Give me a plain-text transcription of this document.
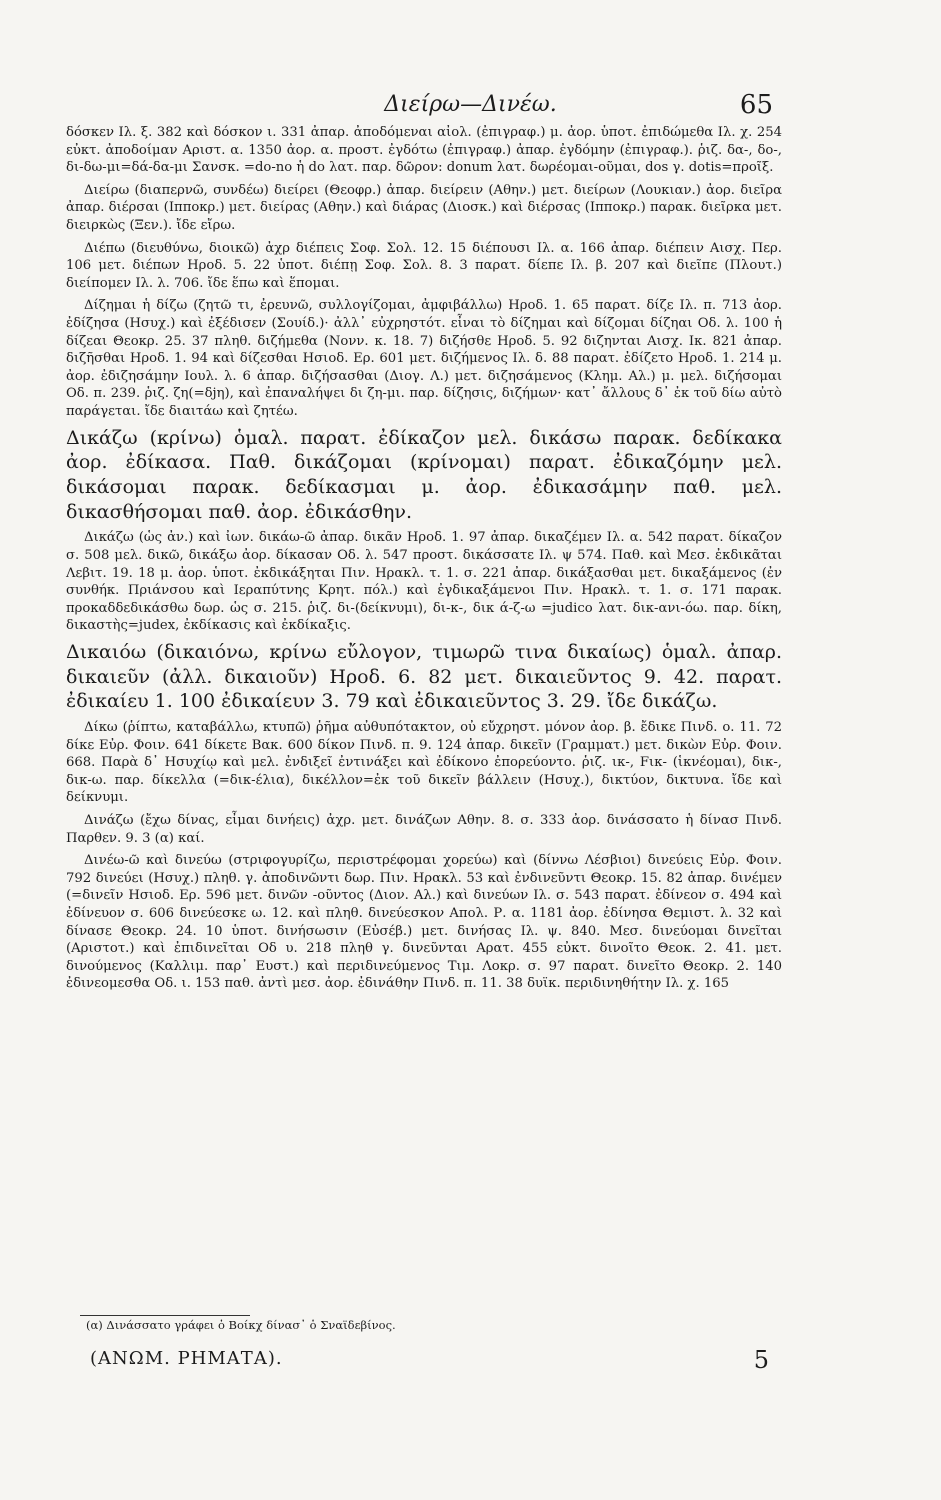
Διείρω—Δινέω.	65

δόσκεν Ιλ. ξ. 382 καὶ δόσκον ι. 331 ἀπαρ. ἀποδόμεναι αἰολ. (ἐπιγραφ.) μ. ἀορ. ὑποτ. ἐπιδώμεθα Ιλ. χ. 254 εὐκτ. ἀποδοίμαν Αριστ. α. 1350 ἀορ. α. προστ. ἐγδότω (ἐπιγραφ.) ἀπαρ. ἐγδόμην (ἐπιγραφ.). ῥιζ. δα-, δο-, δι-δω-μι=δά-δα-μι Σανσκ. =do-no ἡ do λατ. παρ. δῶρον: donum λατ. δωρέομαι-οῦμαι, dos γ. dotis=προῖξ.

Διείρω (διαπερνῶ, συνδέω) διείρει (Θεοφρ.) ἀπαρ. διείρειν (Αθην.) μετ. διείρων (Λουκιαν.) ἀορ. διεῖρα ἀπαρ. διέρσαι (Ιπποκρ.) μετ. διείρας (Αθην.) καὶ διάρας (Διοσκ.) καὶ διέρσας (Ιπποκρ.) παρακ. διεῖρκα μετ. διειρκὼς (Ξεν.). ἴδε εἴρω.

Διέπω (διευθύνω, διοικῶ) ἀχρ διέπεις Σοφ. Σολ. 12. 15 διέπουσι Ιλ. α. 166 ἀπαρ. διέπειν Αισχ. Περ. 106 μετ. διέπων Ηροδ. 5. 22 ὑποτ. διέπῃ Σοφ. Σολ. 8. 3 παρατ. δίεπε Ιλ. β. 207 καὶ διεῖπε (Πλουτ.) διείπομεν Ιλ. λ. 706. ἴδε ἕπω καὶ ἕπομαι.

Δίζημαι ἡ δίζω (ζητῶ τι, ἐρευνῶ, συλλογίζομαι, ἀμφιβάλλω) Ηροδ. 1. 65 παρατ. δίζε Ιλ. π. 713 ἀορ. ἐδίζησα (Ησυχ.) καὶ ἐξέδισεν (Σουίδ.)· ἀλλ᾽ εὐχρηστότ. εἶναι τὸ δίζημαι καὶ δίζομαι δίζηαι Οδ. λ. 100 ἡ δίζεαι Θεοκρ. 25. 37 πληθ. διζήμεθα (Νονν. κ. 18. 7) διζήσθε Ηροδ. 5. 92 διζηνται Αισχ. Ικ. 821 ἀπαρ. διζῆσθαι Ηροδ. 1. 94 καὶ δίζεσθαι Ησιοδ. Ερ. 601 μετ. διζήμενος Ιλ. δ. 88 παρατ. ἐδίζετο Ηροδ. 1. 214 μ. ἀορ. ἐδιζησάμην Ιουλ. λ. 6 ἀπαρ. διζήσασθαι (Διογ. Λ.) μετ. διζησάμενος (Κλημ. Αλ.) μ. μελ. διζήσομαι Οδ. π. 239. ῥιζ. ζη(=δjη), καὶ ἐπαναλήψει δι ζη-μι. παρ. δίζησις, διζήμων· κατ᾽ ἄλλους δ᾽ ἐκ τοῦ δίω αὐτὸ παράγεται. ἴδε διαιτάω καὶ ζητέω.

Δικάζω (κρίνω) ὁμαλ. παρατ. ἐδίκαζον μελ. δικάσω παρακ. δεδίκακα ἀορ. ἐδίκασα. Παθ. δικάζομαι (κρίνομαι) παρατ. ἐδικαζόμην μελ. δικάσομαι παρακ. δεδίκασμαι μ. ἀορ. ἐδικασάμην παθ. μελ. δικασθήσομαι παθ. ἀορ. ἐδικάσθην.

Δικάζω (ὡς ἀν.) καὶ ἰων. δικάω-ῶ ἀπαρ. δικᾶν Ηροδ. 1. 97 ἀπαρ. δικαζέμεν Ιλ. α. 542 παρατ. δίκαζον σ. 508 μελ. δικῶ, δικάξω ἀορ. δίκασαν Οδ. λ. 547 προστ. δικάσσατε Ιλ. ψ 574. Παθ. καὶ Μεσ. ἐκδικᾶται Λεβιτ. 19. 18 μ. ἀορ. ὑποτ. ἐκδικάξηται Πιν. Ηρακλ. τ. 1. σ. 221 ἀπαρ. δικάξασθαι μετ. δικαξάμενος (ἐν συνθήκ. Πριάνσου καὶ Ιεραπύτνης Κρητ. πόλ.) καὶ ἐγδικαξάμενοι Πιν. Ηρακλ. τ. 1. σ. 171 παρακ. προκαδδεδικάσθω δωρ. ὡς σ. 215. ῥιζ. δι-(δείκνυμι), δι-κ-, δικ ά-ζ-ω =judico λατ. δικ-ανι-όω. παρ. δίκη, δικαστὴς=judex, ἐκδίκασις καὶ ἐκδίκαξις.

Δικαιόω (δικαιόνω, κρίνω εὔλογον, τιμωρῶ τινα δικαίως) ὁμαλ. ἀπαρ. δικαιεῦν (ἀλλ. δικαιοῦν) Ηροδ. 6. 82 μετ. δικαιεῦντος 9. 42. παρατ. ἐδικαίευ 1. 100 ἐδικαίευν 3. 79 καὶ ἐδικαιεῦντος 3. 29. ἴδε δικάζω.

Δίκω (ῥίπτω, καταβάλλω, κτυπῶ) ῥῆμα αὐθυπότακτον, οὐ εὔχρηστ. μόνον ἀορ. β. ἔδικε Πινδ. ο. 11. 72 δίκε Εὐρ. Φοιν. 641 δίκετε Βακ. 600 δίκον Πινδ. π. 9. 124 ἀπαρ. δικεῖν (Γραμματ.) μετ. δικὼν Εὐρ. Φοιν. 668. Παρὰ δ᾽ Ησυχίῳ καὶ μελ. ἐνδιξεῖ ἐντινάξει καὶ ἐδίκονο ἐπορεύοντο. ῥιζ. ικ-, Fικ- (ἱκνέομαι), δικ-, δικ-ω. παρ. δίκελλα (=δικ-έλια), δικέλλον=ἐκ τοῦ δικεῖν βάλλειν (Ησυχ.), δικτύον, δικτυνα. ἴδε καὶ δείκνυμι.

Δινάζω (ἔχω δίνας, εἶμαι δινήεις) ἀχρ. μετ. δινάζων Αθην. 8. σ. 333 ἀορ. δινάσσατο ἡ δίνασ Πινδ. Παρθεν. 9. 3 (α) καί.

Δινέω-ῶ καὶ δινεύω (στριφογυρίζω, περιστρέφομαι χορεύω) καὶ (δίννω Λέσβιοι) δινεύεις Εὐρ. Φοιν. 792 δινεύει (Ησυχ.) πληθ. γ. ἀποδινῶντι δωρ. Πιν. Ηρακλ. 53 καὶ ἐνδινεῦντι Θεοκρ. 15. 82 ἀπαρ. δινέμεν (=δινεῖν Ησιοδ. Ερ. 596 μετ. δινῶν -οῦντος (Διον. Αλ.) καὶ δινεύων Ιλ. σ. 543 παρατ. ἐδίνεον σ. 494 καὶ ἐδίνευον σ. 606 δινεύεσκε ω. 12. καὶ πληθ. δινεύεσκον Απολ. Ρ. α. 1181 ἀορ. ἐδίνησα Θεμιστ. λ. 32 καὶ δίνασε Θεοκρ. 24. 10 ὑποτ. δινήσωσιν (Εὐσέβ.) μετ. δινήσας Ιλ. ψ. 840. Μεσ. δινεύομαι δινεῖται (Αριστοτ.) καὶ ἐπιδινεῖται Οδ υ. 218 πληθ γ. δινεῦνται Αρατ. 455 εὐκτ. δινοῖτο Θεοκ. 2. 41. μετ. δινούμενος (Καλλιμ. παρ᾽ Ευστ.) καὶ περιδινεύμενος Τιμ. Λοκρ. σ. 97 παρατ. δινεῖτο Θεοκρ. 2. 140 ἐδινεομεσθα Οδ. ι. 153 παθ. ἀντὶ μεσ. ἀορ. ἐδινάθην Πινδ. π. 11. 38 δυϊκ. περιδινηθήτην Ιλ. χ. 165

(α) Δινάσσατο γράφει ὁ Βοίκχ δίνασ᾽ ὁ Σναϊδεβίνος.
(ΑΝΩΜ. ΡΗΜΑΤΑ).	5
